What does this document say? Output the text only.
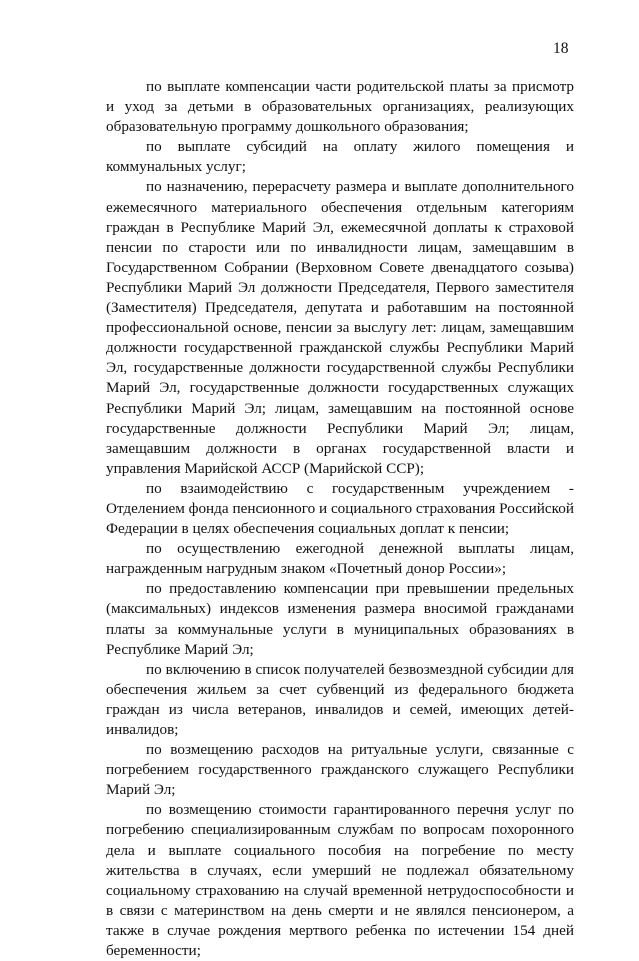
18

по выплате компенсации части родительской платы за присмотр и уход за детьми в образовательных организациях, реализующих образовательную программу дошкольного образования;

по выплате субсидий на оплату жилого помещения и коммунальных услуг;

по назначению, перерасчету размера и выплате дополнительного ежемесячного материального обеспечения отдельным категориям граждан в Республике Марий Эл, ежемесячной доплаты к страховой пенсии по старости или по инвалидности лицам, замещавшим в Государственном Собрании (Верховном Совете двенадцатого созыва) Республики Марий Эл должности Председателя, Первого заместителя (Заместителя) Председателя, депутата и работавшим на постоянной профессиональной основе, пенсии за выслугу лет: лицам, замещавшим должности государственной гражданской службы Республики Марий Эл, государственные должности государственной службы Республики Марий Эл, государственные должности государственных служащих Республики Марий Эл; лицам, замещавшим на постоянной основе государственные должности Республики Марий Эл; лицам, замещавшим должности в органах государственной власти и управления Марийской АССР (Марийской ССР);

по взаимодействию с государственным учреждением - Отделением фонда пенсионного и социального страхования Российской Федерации в целях обеспечения социальных доплат к пенсии;

по осуществлению ежегодной денежной выплаты лицам, награжденным нагрудным знаком «Почетный донор России»;

по предоставлению компенсации при превышении предельных (максимальных) индексов изменения размера вносимой гражданами платы за коммунальные услуги в муниципальных образованиях в Республике Марий Эл;

по включению в список получателей безвозмездной субсидии для обеспечения жильем за счет субвенций из федерального бюджета граждан из числа ветеранов, инвалидов и семей, имеющих детей-инвалидов;

по возмещению расходов на ритуальные услуги, связанные с погребением государственного гражданского служащего Республики Марий Эл;

по возмещению стоимости гарантированного перечня услуг по погребению специализированным службам по вопросам похоронного дела и выплате социального пособия на погребение по месту жительства в случаях, если умерший не подлежал обязательному социальному страхованию на случай временной нетрудоспособности и в связи с материнством на день смерти и не являлся пенсионером, а также в случае рождения мертвого ребенка по истечении 154 дней беременности;
